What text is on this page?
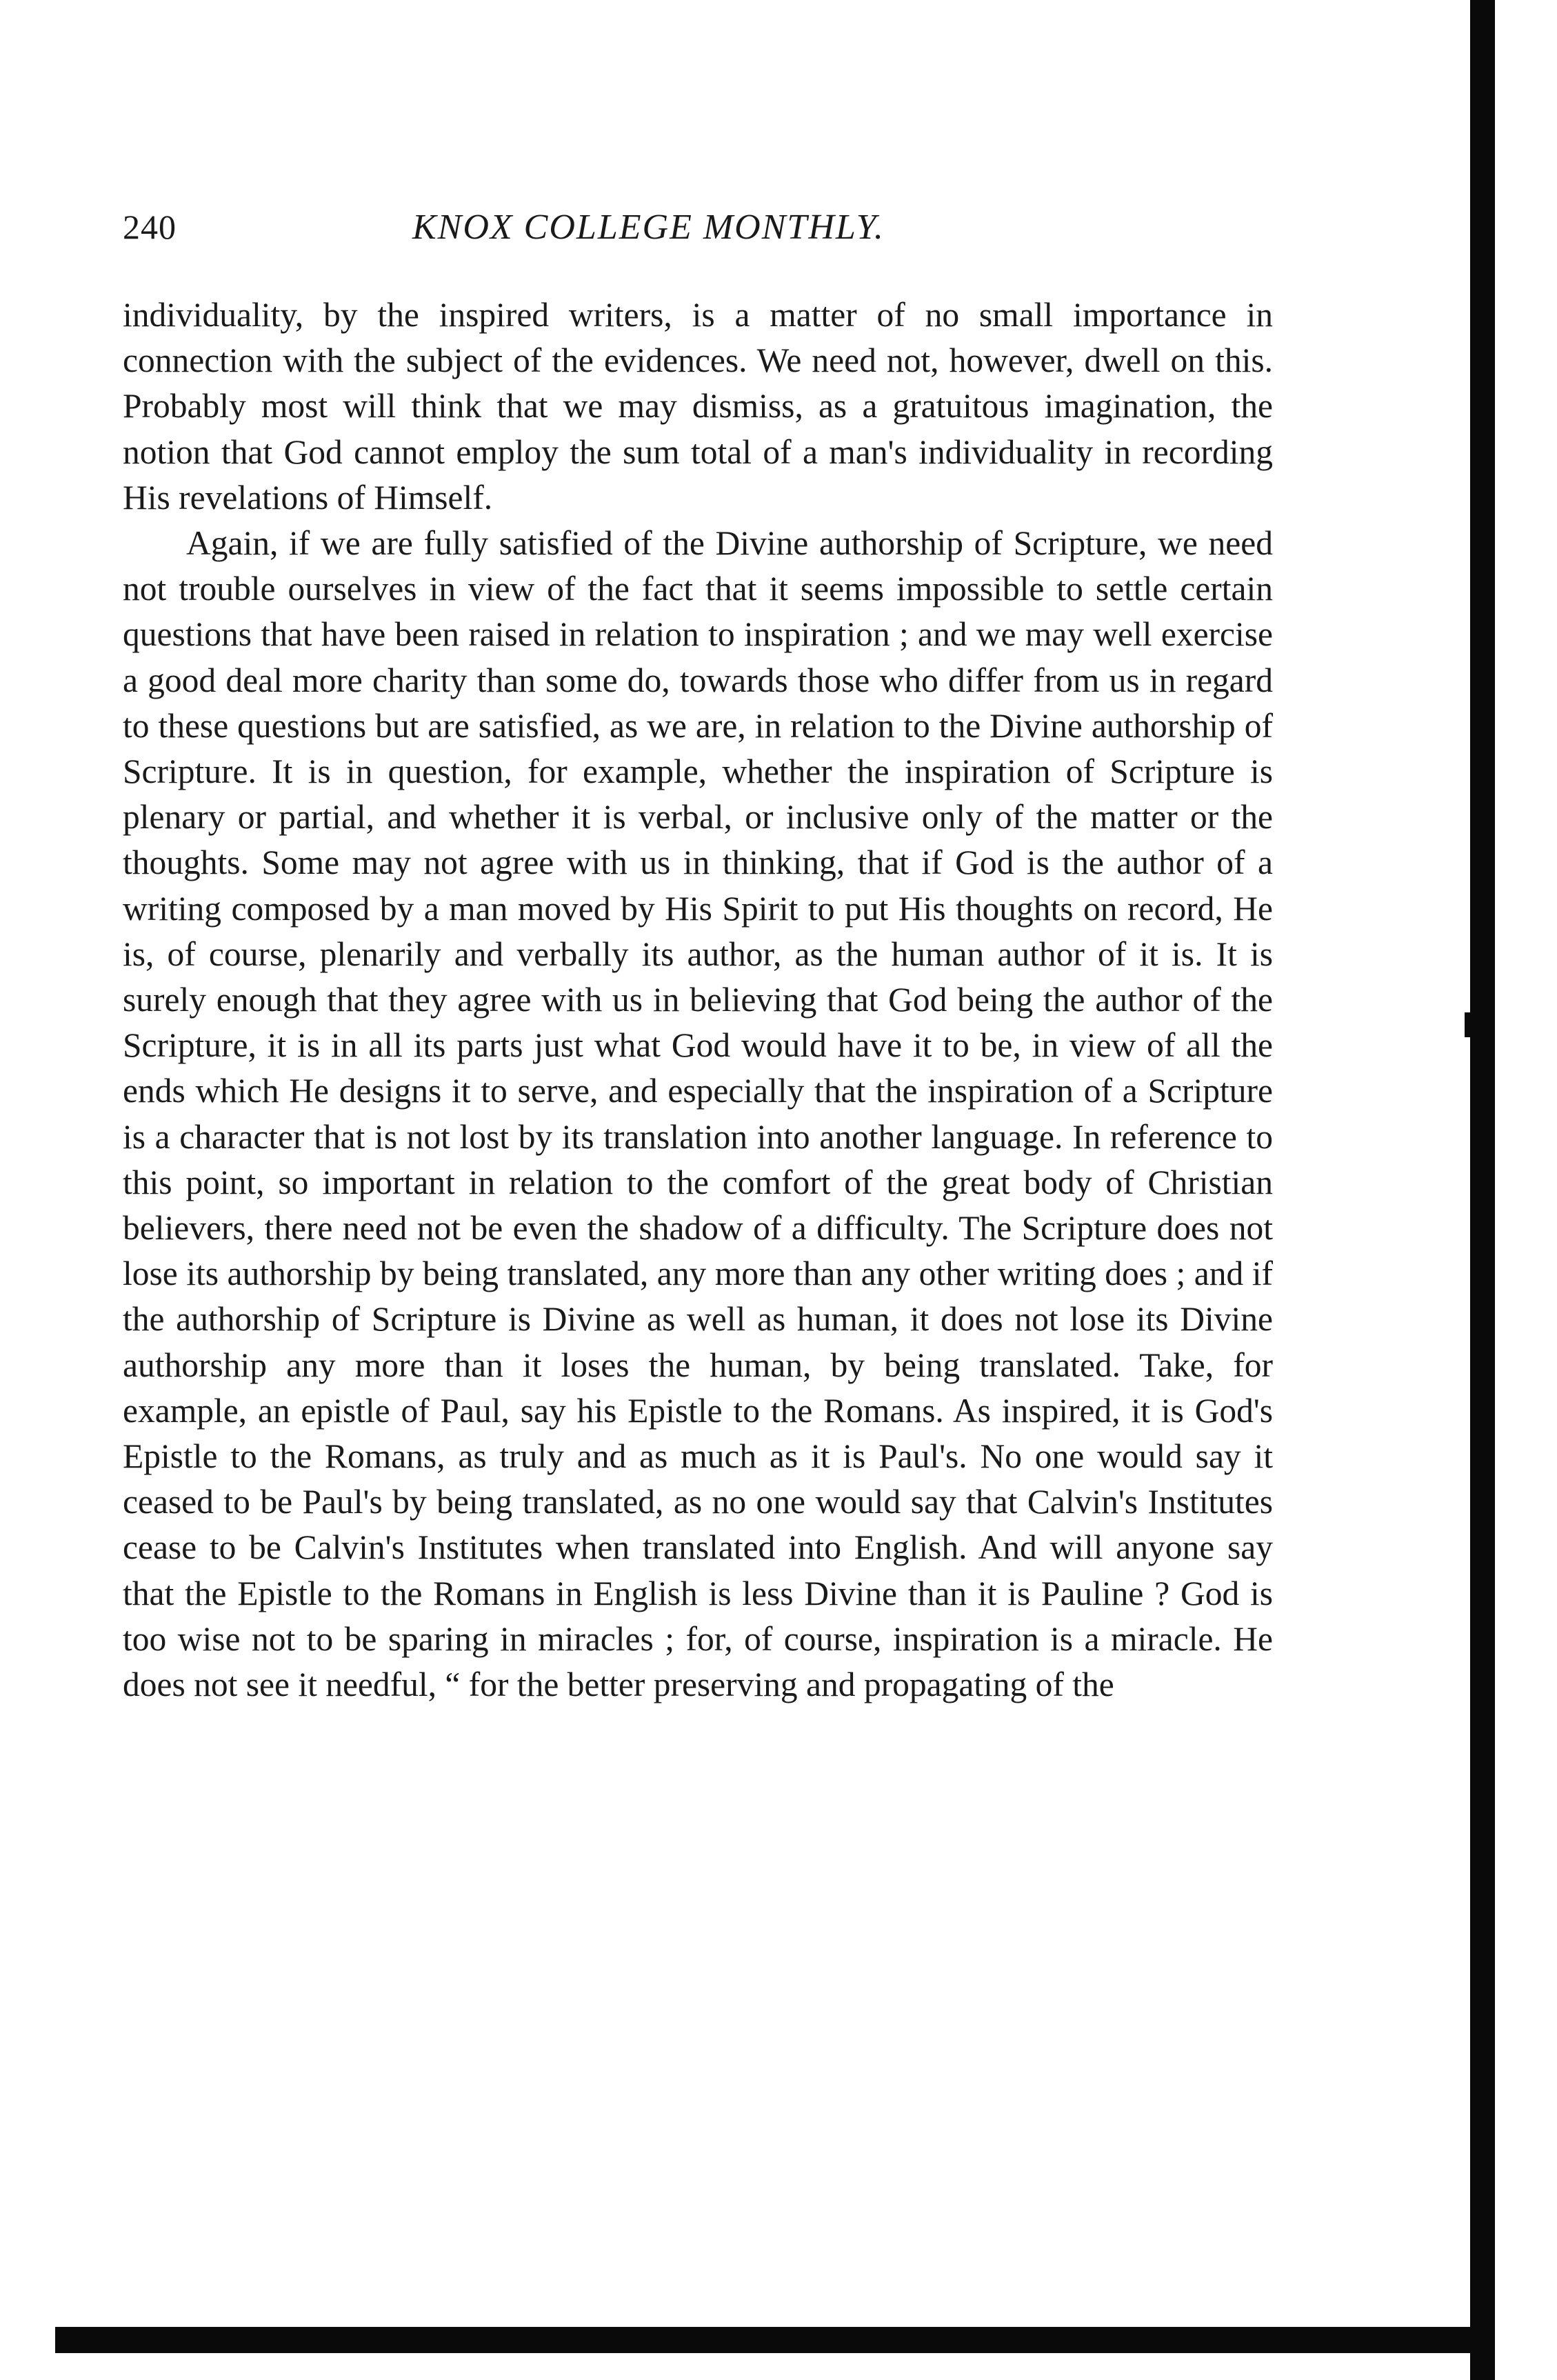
240	KNOX COLLEGE MONTHLY.

individuality, by the inspired writers, is a matter of no small importance in connection with the subject of the evidences. We need not, however, dwell on this. Probably most will think that we may dismiss, as a gratuitous imagination, the notion that God cannot employ the sum total of a man's individuality in recording His revelations of Himself.

Again, if we are fully satisfied of the Divine authorship of Scripture, we need not trouble ourselves in view of the fact that it seems impossible to settle certain questions that have been raised in relation to inspiration ; and we may well exercise a good deal more charity than some do, towards those who differ from us in regard to these questions but are satisfied, as we are, in relation to the Divine authorship of Scripture. It is in question, for example, whether the inspiration of Scripture is plenary or partial, and whether it is verbal, or inclusive only of the matter or the thoughts. Some may not agree with us in thinking, that if God is the author of a writing composed by a man moved by His Spirit to put His thoughts on record, He is, of course, plenarily and verbally its author, as the human author of it is. It is surely enough that they agree with us in believing that God being the author of the Scripture, it is in all its parts just what God would have it to be, in view of all the ends which He designs it to serve, and especially that the inspiration of a Scripture is a character that is not lost by its translation into another language. In reference to this point, so important in relation to the comfort of the great body of Christian believers, there need not be even the shadow of a difficulty. The Scripture does not lose its authorship by being translated, any more than any other writing does ; and if the authorship of Scripture is Divine as well as human, it does not lose its Divine authorship any more than it loses the human, by being translated. Take, for example, an epistle of Paul, say his Epistle to the Romans. As inspired, it is God's Epistle to the Romans, as truly and as much as it is Paul's. No one would say it ceased to be Paul's by being translated, as no one would say that Calvin's Institutes cease to be Calvin's Institutes when translated into English. And will anyone say that the Epistle to the Romans in English is less Divine than it is Pauline ? God is too wise not to be sparing in miracles ; for, of course, inspiration is a miracle. He does not see it needful, “ for the better preserving and propagating of the
